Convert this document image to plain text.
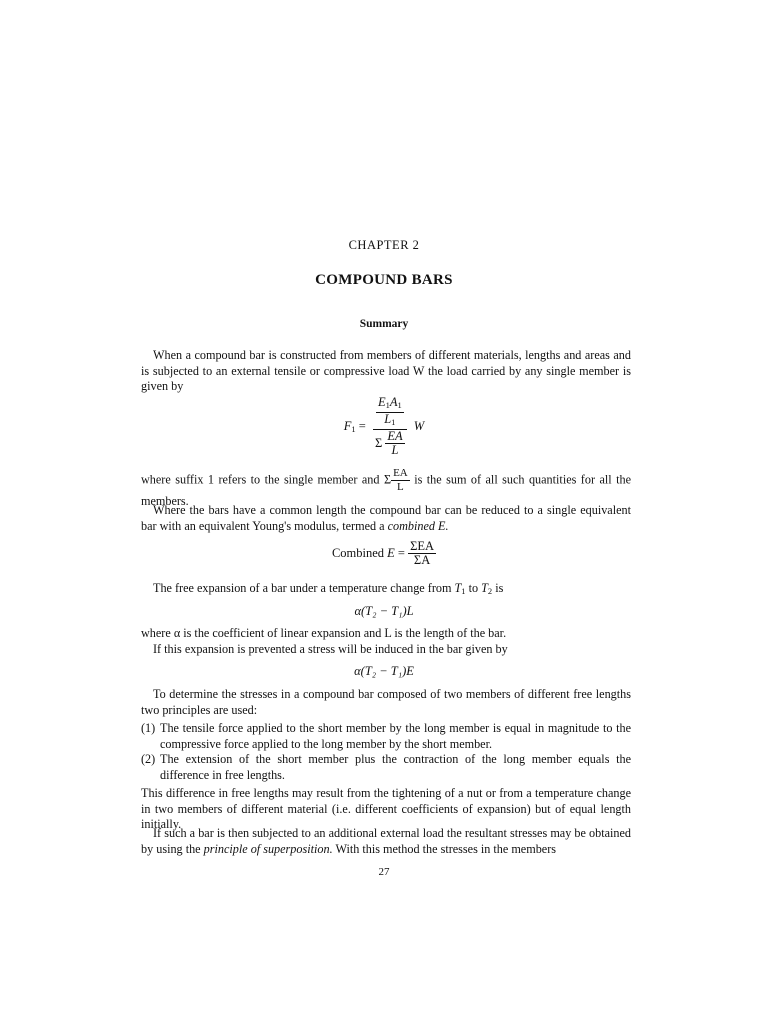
CHAPTER 2
COMPOUND BARS
Summary

When a compound bar is constructed from members of different materials, lengths and areas and is subjected to an external tensile or compressive load W the load carried by any single member is given by

$F_1 = \frac{\frac{E_1A_1}{L_1}}{\Sigma \frac{EA}{L}}$ W

where suffix 1 refers to the single member and Σ $\frac{EA}{L}$ is the sum of all such quantities for all the members.

Where the bars have a common length the compound bar can be reduced to a single equivalent bar with an equivalent Young's modulus, termed a combined E.

Combined $E = \frac{\text{ΣEA}}{\Sigma A}$

The free expansion of a bar under a temperature change from $T_1$ to $T_2$ is

α(T₂ − T₁)L

where α is the coefficient of linear expansion and L is the length of the bar.

If this expansion is prevented a stress will be induced in the bar given by

α(T₂ − T₁)E

To determine the stresses in a compound bar composed of two members of different free lengths two principles are used:

(1) The tensile force applied to the short member by the long member is equal in magnitude to the compressive force applied to the long member by the short member.
(2) The extension of the short member plus the contraction of the long member equals the difference in free lengths.

This difference in free lengths may result from the tightening of a nut or from a temperature change in two members of different material (i.e. different coefficients of expansion) but of equal length initially.

If such a bar is then subjected to an additional external load the resultant stresses may be obtained by using the principle of superposition. With this method the stresses in the members

27
